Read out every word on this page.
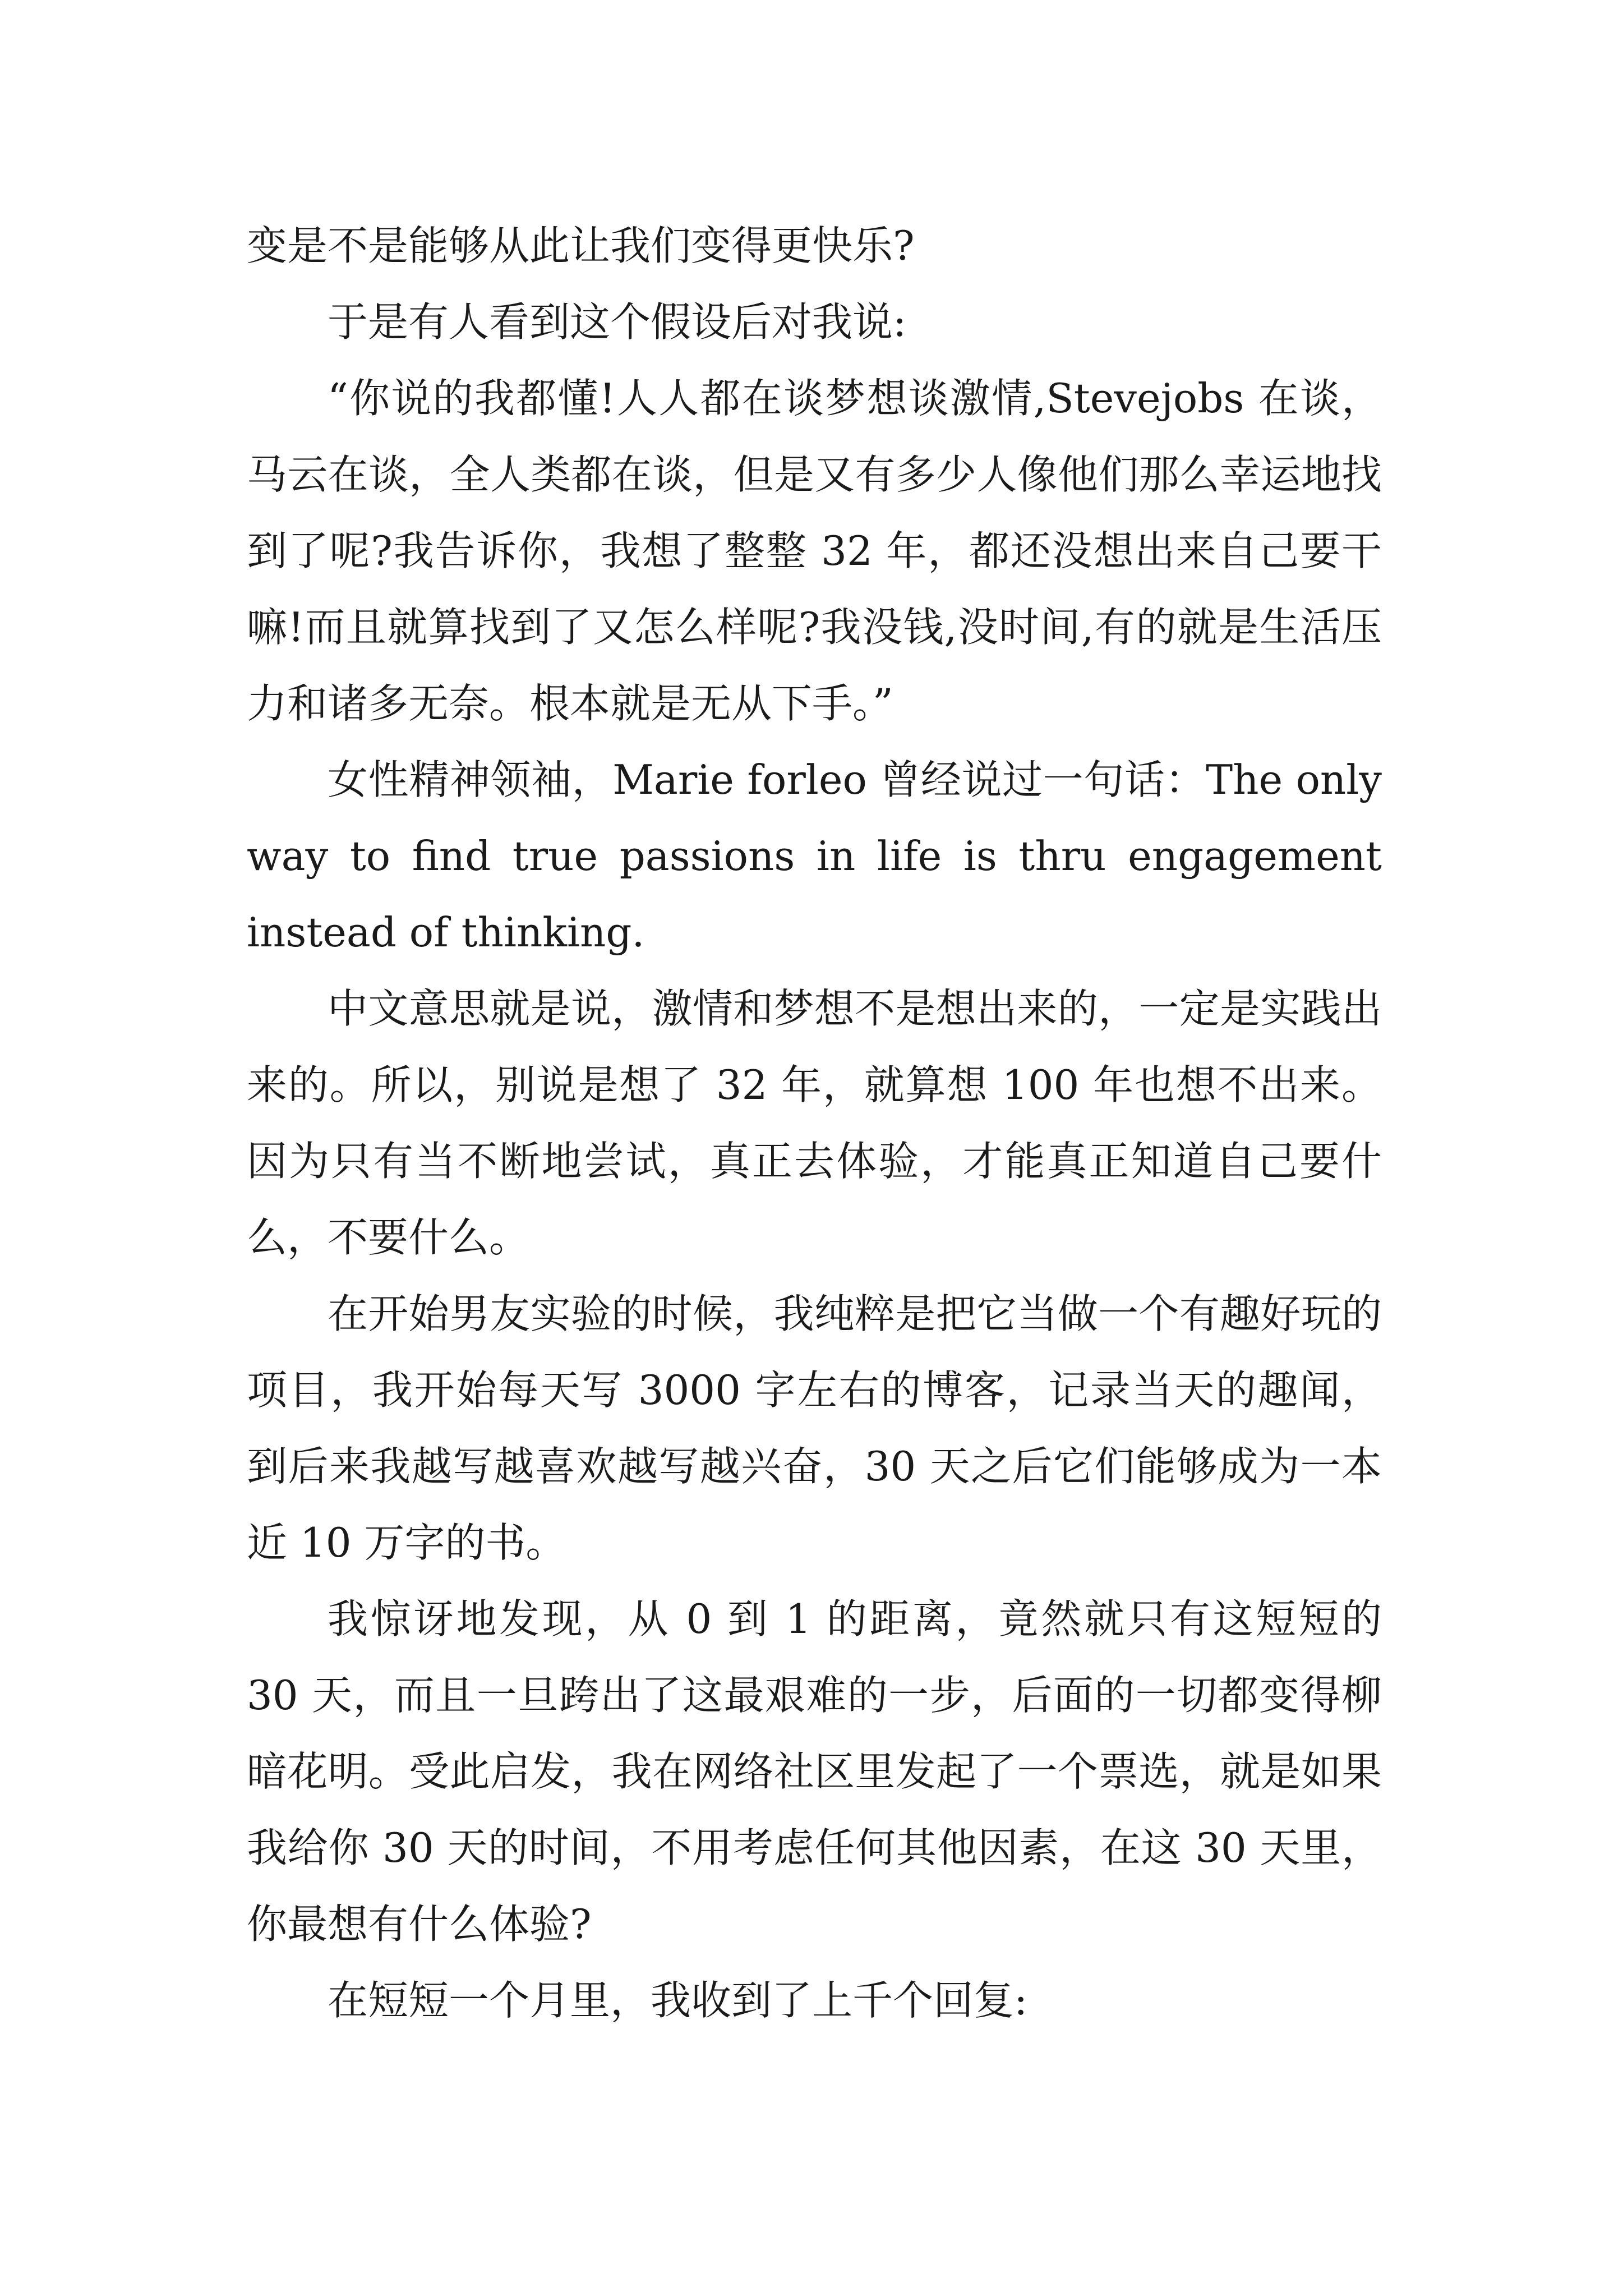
变是不是能够从此让我们变得更快乐?

于是有人看到这个假设后对我说:

“你说的我都懂!人人都在谈梦想谈激情,Stevejobs 在谈，马云在谈，全人类都在谈，但是又有多少人像他们那么幸运地找到了呢?我告诉你，我想了整整 32 年，都还没想出来自己要干嘛!而且就算找到了又怎么样呢?我没钱,没时间,有的就是生活压力和诸多无奈。根本就是无从下手。”

女性精神领袖，Marie forleo 曾经说过一句话：The only way to find true passions in life is thru engagement instead of thinking.

中文意思就是说，激情和梦想不是想出来的，一定是实践出来的。所以，别说是想了 32 年，就算想 100 年也想不出来。因为只有当不断地尝试，真正去体验，才能真正知道自己要什么，不要什么。

在开始男友实验的时候，我纯粹是把它当做一个有趣好玩的项目，我开始每天写 3000 字左右的博客，记录当天的趣闻，到后来我越写越喜欢越写越兴奋，30 天之后它们能够成为一本近 10 万字的书。

我惊讶地发现，从 0 到 1 的距离，竟然就只有这短短的 30 天，而且一旦跨出了这最艰难的一步，后面的一切都变得柳暗花明。受此启发，我在网络社区里发起了一个票选，就是如果我给你 30 天的时间，不用考虑任何其他因素，在这 30 天里，你最想有什么体验?

在短短一个月里，我收到了上千个回复:
